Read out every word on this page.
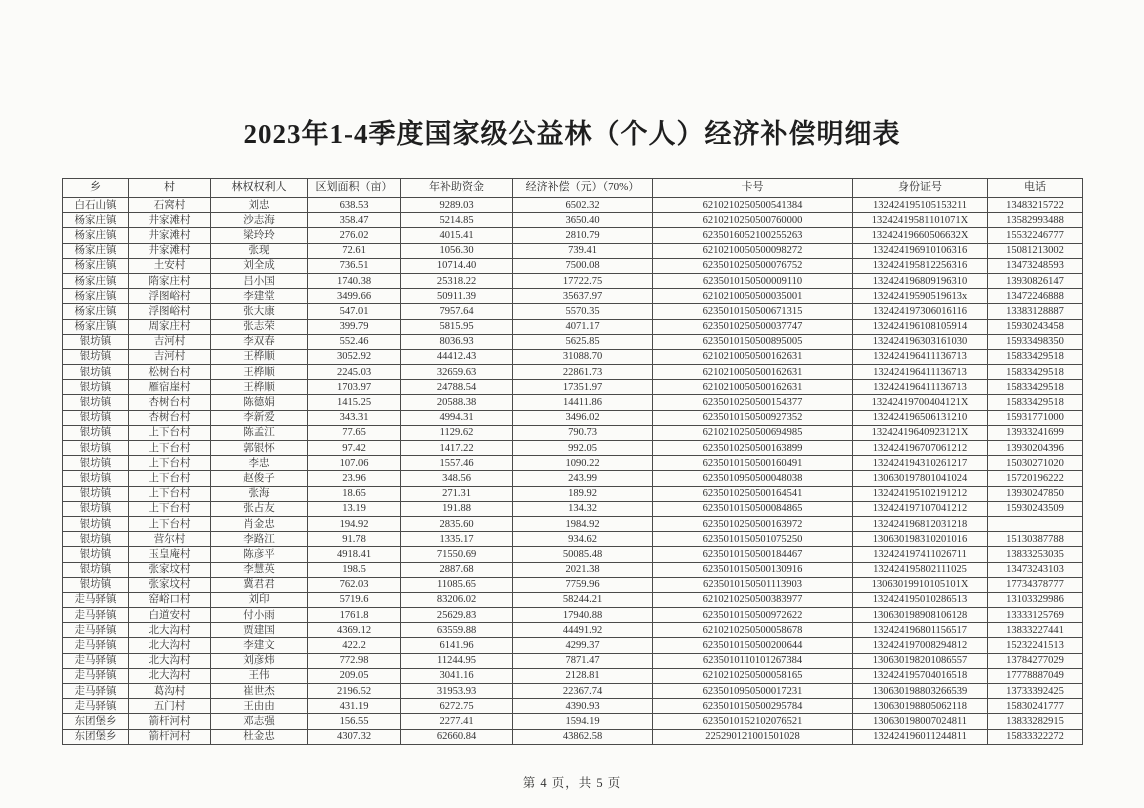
2023年1-4季度国家级公益林（个人）经济补偿明细表
乡	村	林权权利人	区划面积（亩）	年补助资金	经济补偿（元）（70%）	卡号	身份证号	电话
白石山镇	石窝村	刘忠	638.53	9289.03	6502.32	6210210250500541384	132424195105153211	13483215722
杨家庄镇	井家滩村	沙志海	358.47	5214.85	3650.40	6210210250500760000	13242419581101071X	13582993488
杨家庄镇	井家滩村	梁玲玲	276.02	4015.41	2810.79	6235016052100255263	13242419660506632X	15532246777
杨家庄镇	井家滩村	张现	72.61	1056.30	739.41	6210210050500098272	132424196910106316	15081213002
杨家庄镇	土安村	刘全成	736.51	10714.40	7500.08	6235010250500076752	132424195812256316	13473248593
杨家庄镇	隋家庄村	吕小国	1740.38	25318.22	17722.75	6235010150500009110	132424196809196310	13930826147
杨家庄镇	浮图峪村	李建堂	3499.66	50911.39	35637.97	6210210050500035001	13242419590519613x	13472246888
杨家庄镇	浮图峪村	张大康	547.01	7957.64	5570.35	6235010150500671315	132424197306016116	13383128887
杨家庄镇	周家庄村	张志荣	399.79	5815.95	4071.17	6235010250500037747	132424196108105914	15930243458
银坊镇	吉河村	李双春	552.46	8036.93	5625.85	6235010150500895005	132424196303161030	15933498350
银坊镇	吉河村	王桦顺	3052.92	44412.43	31088.70	6210210050500162631	132424196411136713	15833429518
银坊镇	松树台村	王桦顺	2245.03	32659.63	22861.73	6210210050500162631	132424196411136713	15833429518
银坊镇	雁宿崖村	王桦顺	1703.97	24788.54	17351.97	6210210050500162631	132424196411136713	15833429518
银坊镇	杏树台村	陈德娟	1415.25	20588.38	14411.86	6235010250500154377	13242419700404121X	15833429518
银坊镇	杏树台村	李新爱	343.31	4994.31	3496.02	6235010150500927352	132424196506131210	15931771000
银坊镇	上下台村	陈孟江	77.65	1129.62	790.73	6210210250500694985	13242419640923121X	13933241699
银坊镇	上下台村	郭银怀	97.42	1417.22	992.05	6235010250500163899	132424196707061212	13930204396
银坊镇	上下台村	李忠	107.06	1557.46	1090.22	6235010150500160491	132424194310261217	15030271020
银坊镇	上下台村	赵俊子	23.96	348.56	243.99	6235010950500048038	130630197801041024	15720196222
银坊镇	上下台村	张海	18.65	271.31	189.92	6235010250500164541	132424195102191212	13930247850
银坊镇	上下台村	张占友	13.19	191.88	134.32	6235010150500084865	132424197107041212	15930243509
银坊镇	上下台村	肖金忠	194.92	2835.60	1984.92	6235010250500163972	132424196812031218	
银坊镇	营尔村	李路江	91.78	1335.17	934.62	6235010150501075250	130630198310201016	15130387788
银坊镇	玉皇庵村	陈彦平	4918.41	71550.69	50085.48	6235010150500184467	132424197411026711	13833253035
银坊镇	张家坟村	李慧英	198.5	2887.68	2021.38	6235010150500130916	132424195802111025	13473243103
银坊镇	张家坟村	冀君君	762.03	11085.65	7759.96	6235010150501113903	13063019910105101X	17734378777
走马驿镇	窑峪口村	刘印	5719.6	83206.02	58244.21	6210210250500383977	132424195010286513	13103329986
走马驿镇	白道安村	付小雨	1761.8	25629.83	17940.88	6235010150500972622	130630198908106128	13333125769
走马驿镇	北大沟村	贾建国	4369.12	63559.88	44491.92	6210210250500058678	132424196801156517	13833227441
走马驿镇	北大沟村	李建文	422.2	6141.96	4299.37	6235010150500200644	132424197008294812	15232241513
走马驿镇	北大沟村	刘彦炜	772.98	11244.95	7871.47	6235010110101267384	130630198201086557	13784277029
走马驿镇	北大沟村	王伟	209.05	3041.16	2128.81	6210210250500058165	132424195704016518	17778887049
走马驿镇	葛沟村	崔世杰	2196.52	31953.93	22367.74	6235010950500017231	130630198803266539	13733392425
走马驿镇	五门村	王由由	431.19	6272.75	4390.93	6235010150500295784	130630198805062118	15830241777
东团堡乡	箭杆河村	邓志强	156.55	2277.41	1594.19	6235010152102076521	130630198007024811	13833282915
东团堡乡	箭杆河村	杜金忠	4307.32	62660.84	43862.58	225290121001501028	132424196011244811	15833322272
第 4 页，共 5 页
